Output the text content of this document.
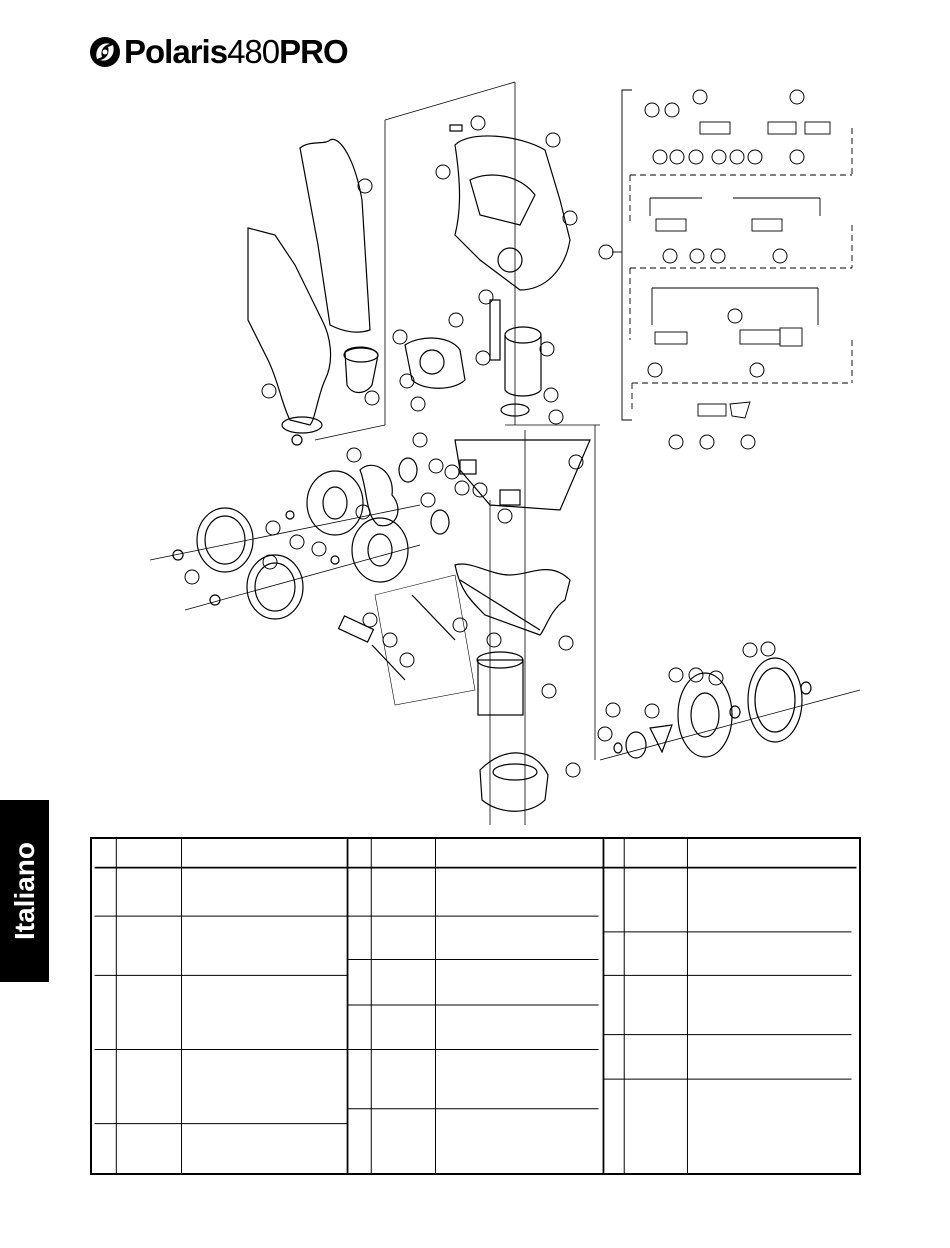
Polaris 480 PRO
Italiano
